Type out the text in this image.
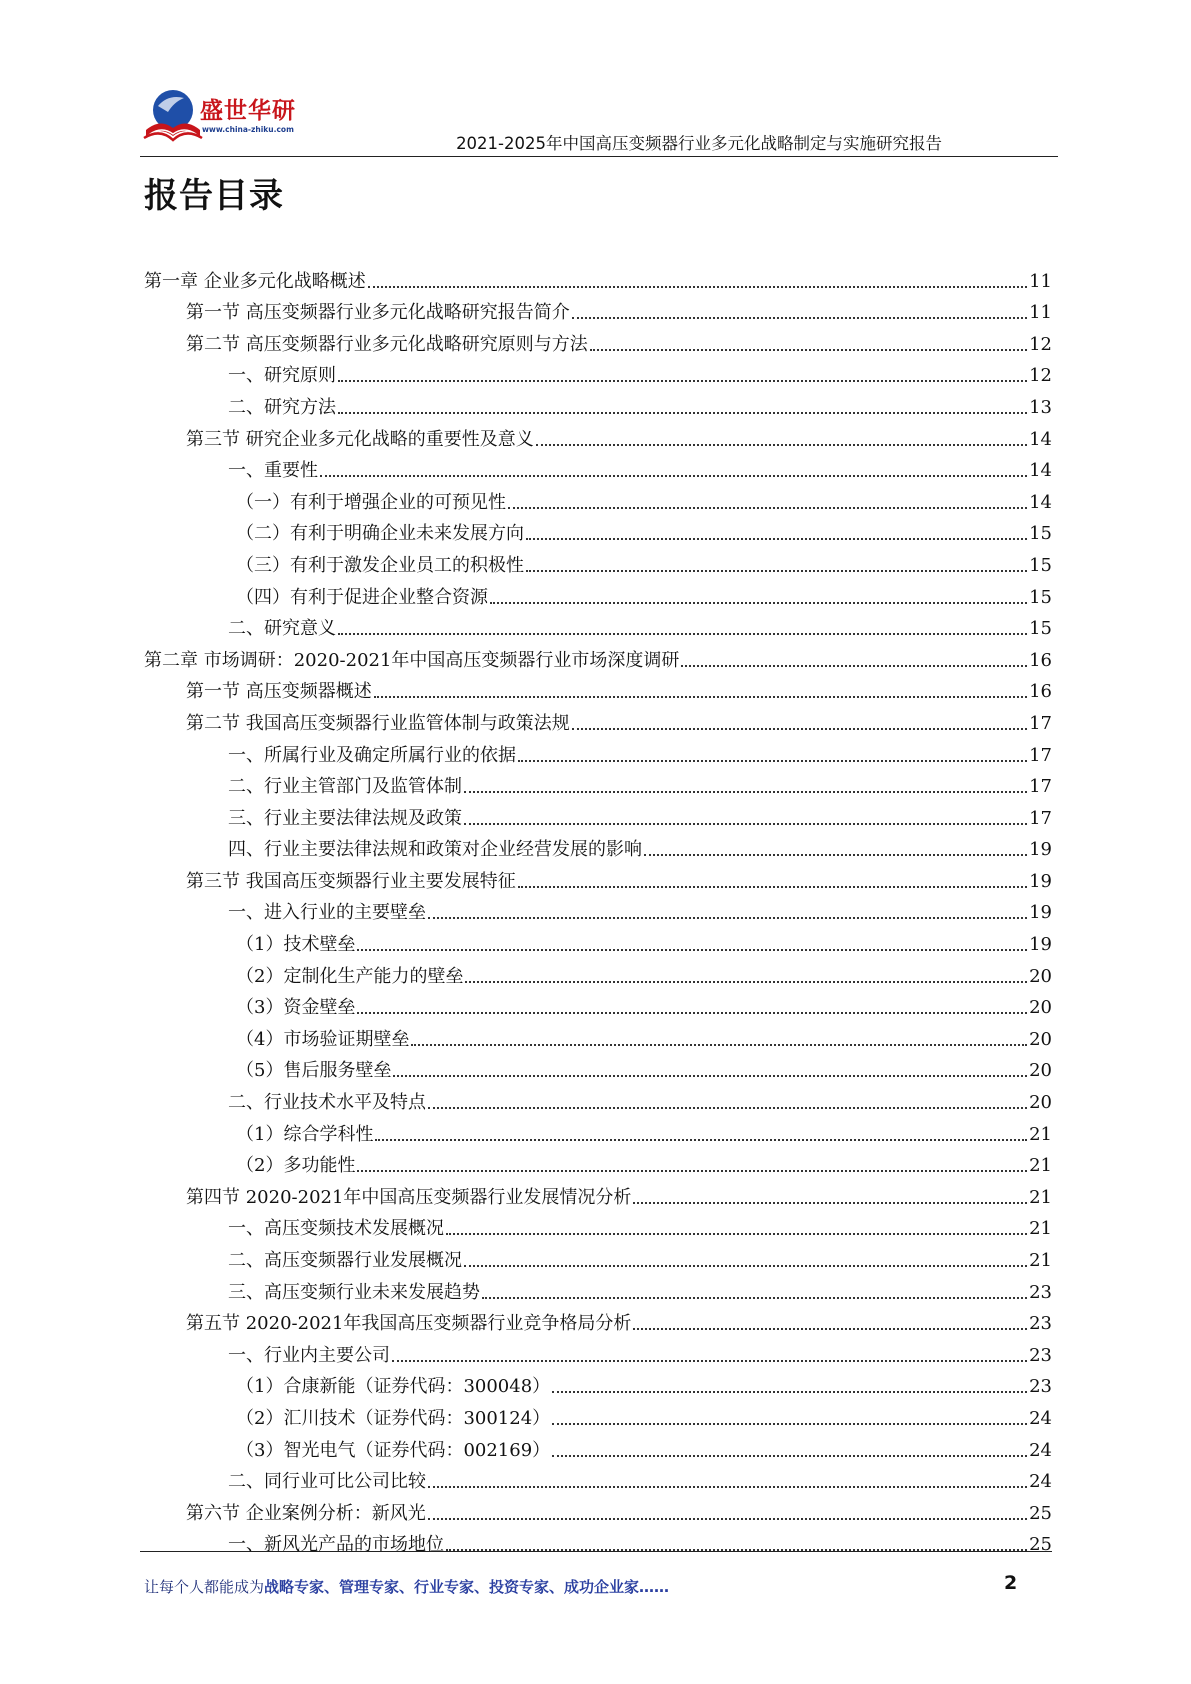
盛世华研
www.china-zhiku.com
2021-2025年中国高压变频器行业多元化战略制定与实施研究报告
报告目录
第一章 企业多元化战略概述	11
第一节 高压变频器行业多元化战略研究报告简介	11
第二节 高压变频器行业多元化战略研究原则与方法	12
一、研究原则	12
二、研究方法	13
第三节 研究企业多元化战略的重要性及意义	14
一、重要性	14
（一）有利于增强企业的可预见性	14
（二）有利于明确企业未来发展方向	15
（三）有利于激发企业员工的积极性	15
（四）有利于促进企业整合资源	15
二、研究意义	15
第二章 市场调研：2020-2021年中国高压变频器行业市场深度调研	16
第一节 高压变频器概述	16
第二节 我国高压变频器行业监管体制与政策法规	17
一、所属行业及确定所属行业的依据	17
二、行业主管部门及监管体制	17
三、行业主要法律法规及政策	17
四、行业主要法律法规和政策对企业经营发展的影响	19
第三节 我国高压变频器行业主要发展特征	19
一、进入行业的主要壁垒	19
（1）技术壁垒	19
（2）定制化生产能力的壁垒	20
（3）资金壁垒	20
（4）市场验证期壁垒	20
（5）售后服务壁垒	20
二、行业技术水平及特点	20
（1）综合学科性	21
（2）多功能性	21
第四节 2020-2021年中国高压变频器行业发展情况分析	21
一、高压变频技术发展概况	21
二、高压变频器行业发展概况	21
三、高压变频行业未来发展趋势	23
第五节 2020-2021年我国高压变频器行业竞争格局分析	23
一、行业内主要公司	23
（1）合康新能（证券代码：300048）	23
（2）汇川技术（证券代码：300124）	24
（3）智光电气（证券代码：002169）	24
二、同行业可比公司比较	24
第六节 企业案例分析：新风光	25
一、新风光产品的市场地位	25
让每个人都能成为战略专家、管理专家、行业专家、投资专家、成功企业家……	2
